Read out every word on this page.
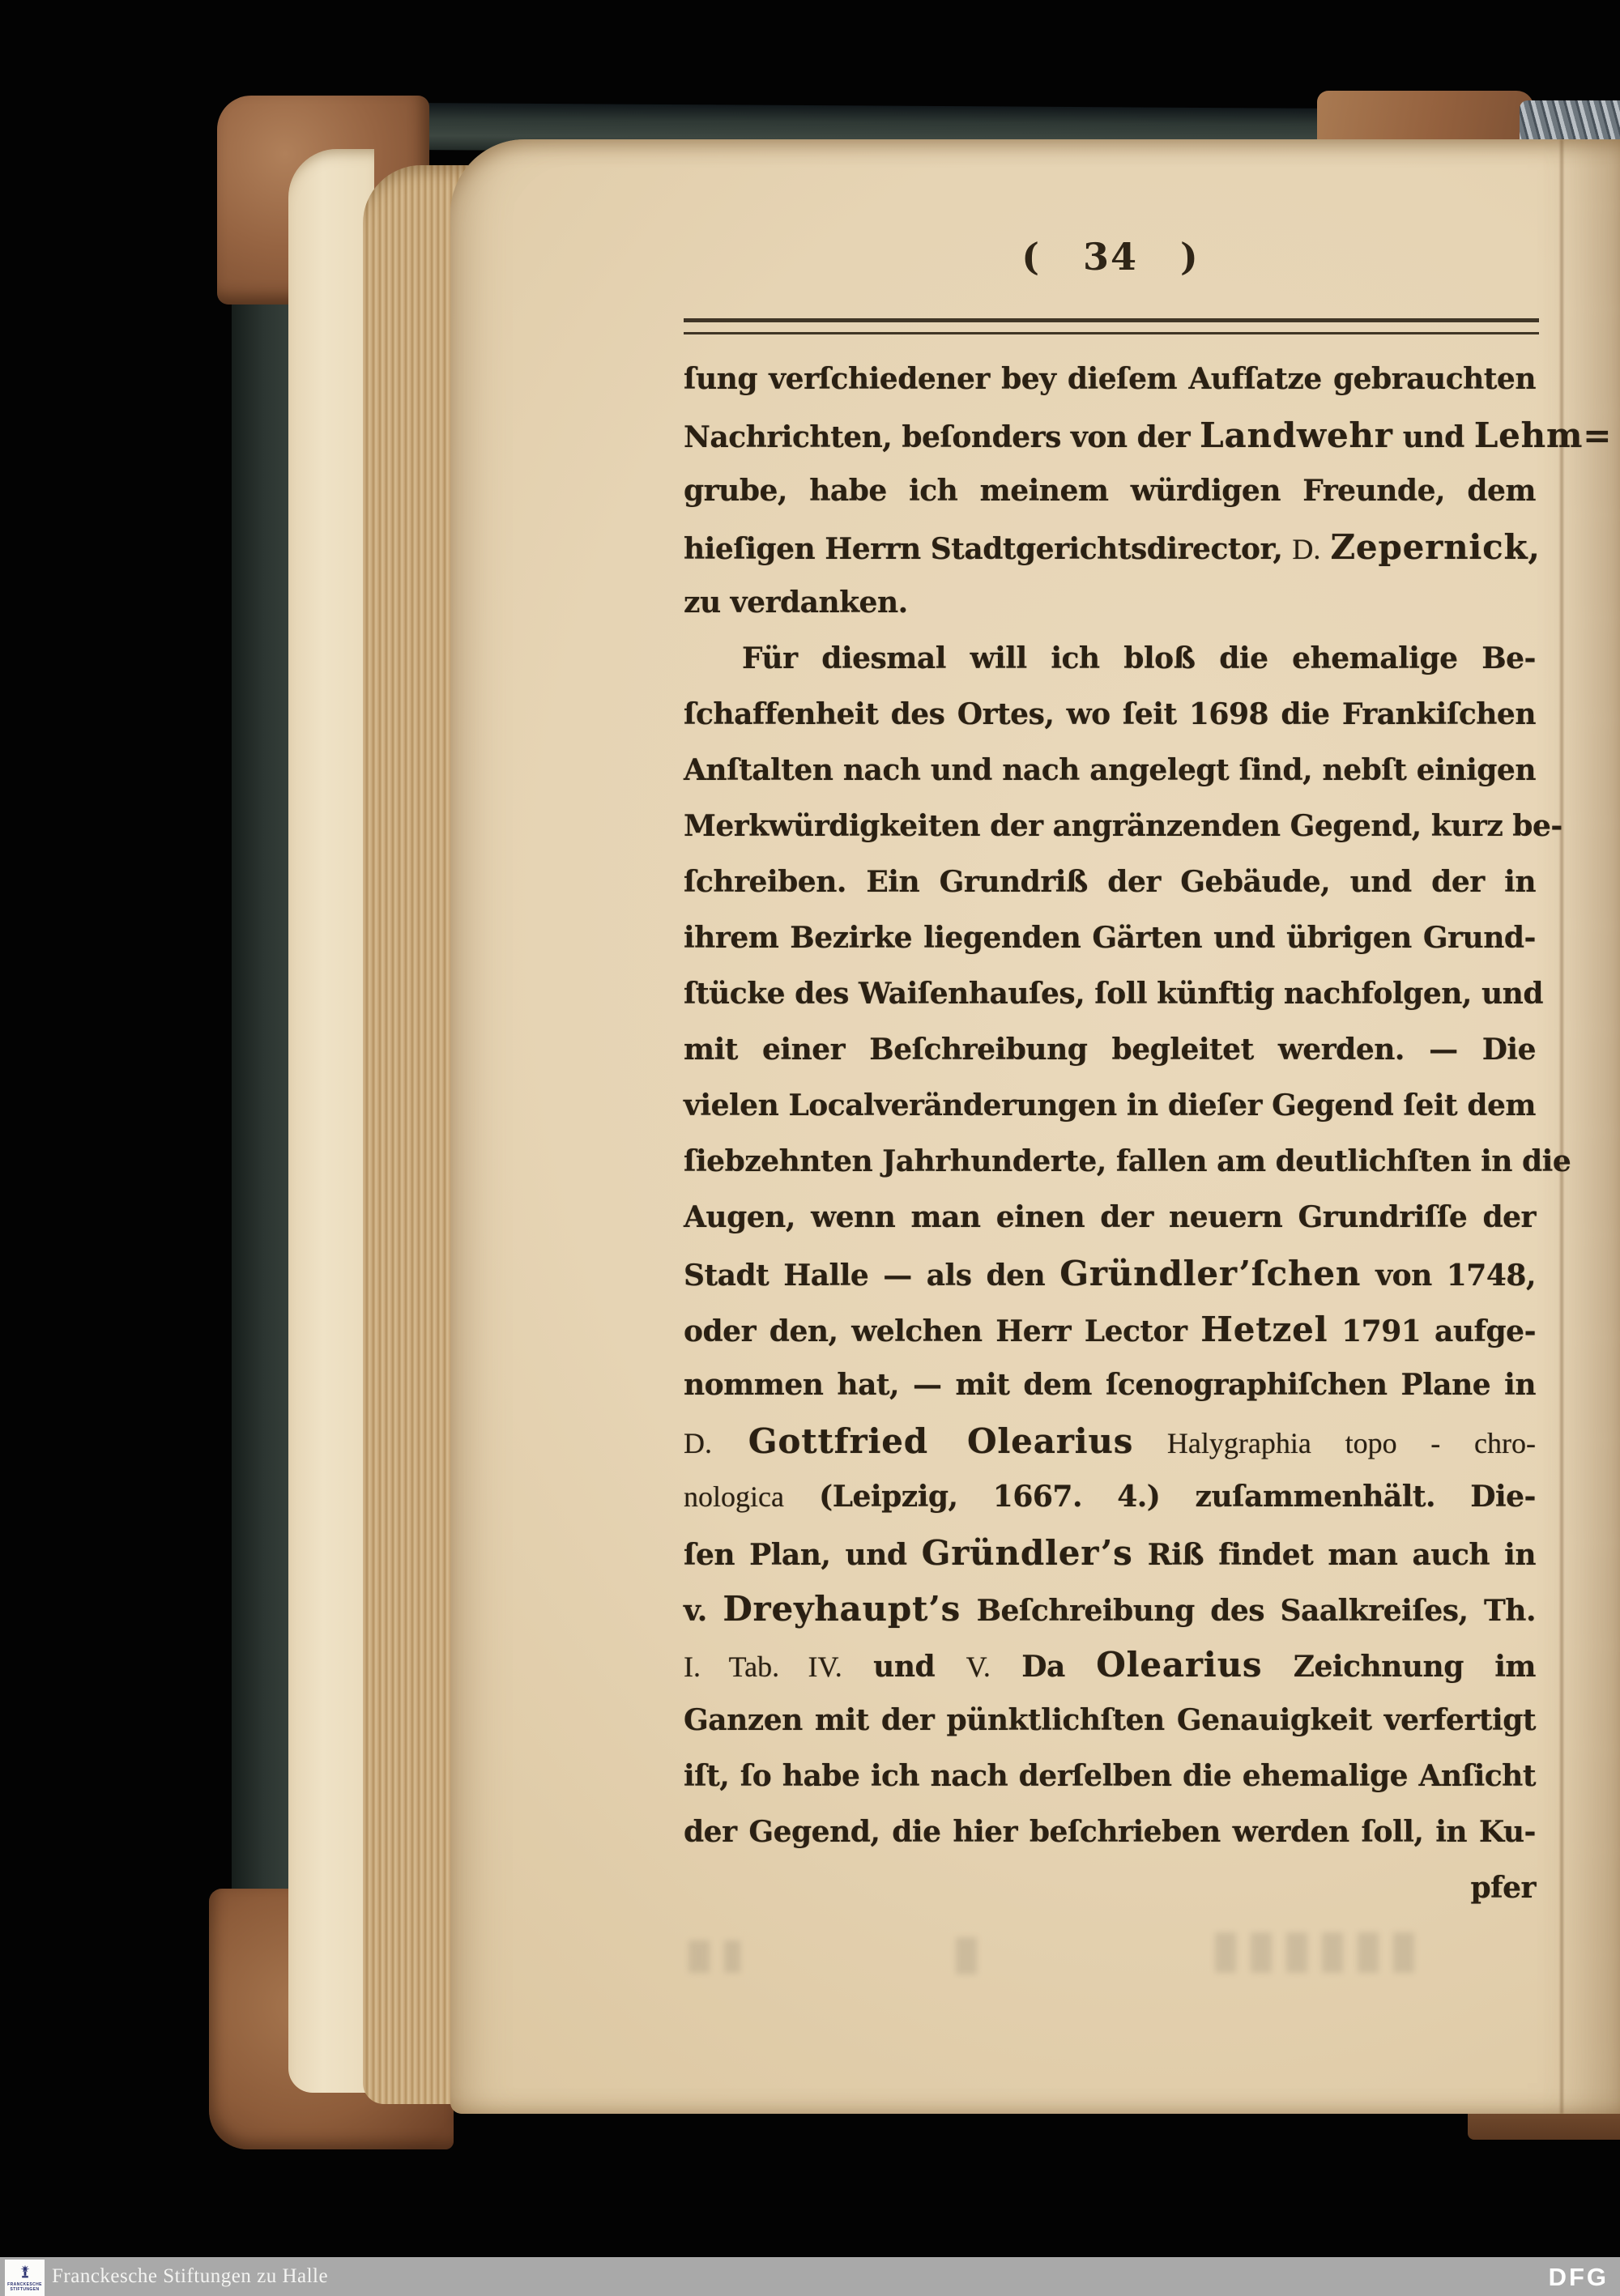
( 34 )
ſung verſchiedener bey dieſem Aufſatze gebrauchten
Nachrichten, beſonders von der Landwehr und Lehm=
grube, habe ich meinem würdigen Freunde, dem
hieſigen Herrn Stadtgerichtsdirector, D. Zepernick,
zu verdanken.
Für diesmal will ich bloß die ehemalige Be-
ſchaffenheit des Ortes, wo ſeit 1698 die Frankiſchen
Anſtalten nach und nach angelegt ſind, nebſt einigen
Merkwürdigkeiten der angränzenden Gegend, kurz be-
ſchreiben. Ein Grundriß der Gebäude, und der in
ihrem Bezirke liegenden Gärten und übrigen Grund-
ſtücke des Waiſenhauſes, ſoll künftig nachfolgen, und
mit einer Beſchreibung begleitet werden. — Die
vielen Localveränderungen in dieſer Gegend ſeit dem
ſiebzehnten Jahrhunderte, fallen am deutlichſten in die
Augen, wenn man einen der neuern Grundriſſe der
Stadt Halle — als den Gründler’ſchen von 1748,
oder den, welchen Herr Lector Hetzel 1791 aufge-
nommen hat, — mit dem ſcenographiſchen Plane in
D. Gottfried Olearius Halygraphia topo - chro-
nologica (Leipzig, 1667. 4.) zuſammenhält. Die-
ſen Plan, und Gründler’s Riß findet man auch in
v. Dreyhaupt’s Beſchreibung des Saalkreiſes, Th.
I. Tab. IV. und V. Da Olearius Zeichnung im
Ganzen mit der pünktlichſten Genauigkeit verfertigt
iſt, ſo habe ich nach derſelben die ehemalige Anſicht
der Gegend, die hier beſchrieben werden ſoll, in Ku-
pfer
FRANCKESCHE
STIFTUNGEN
Franckesche Stiftungen zu Halle	DFG
